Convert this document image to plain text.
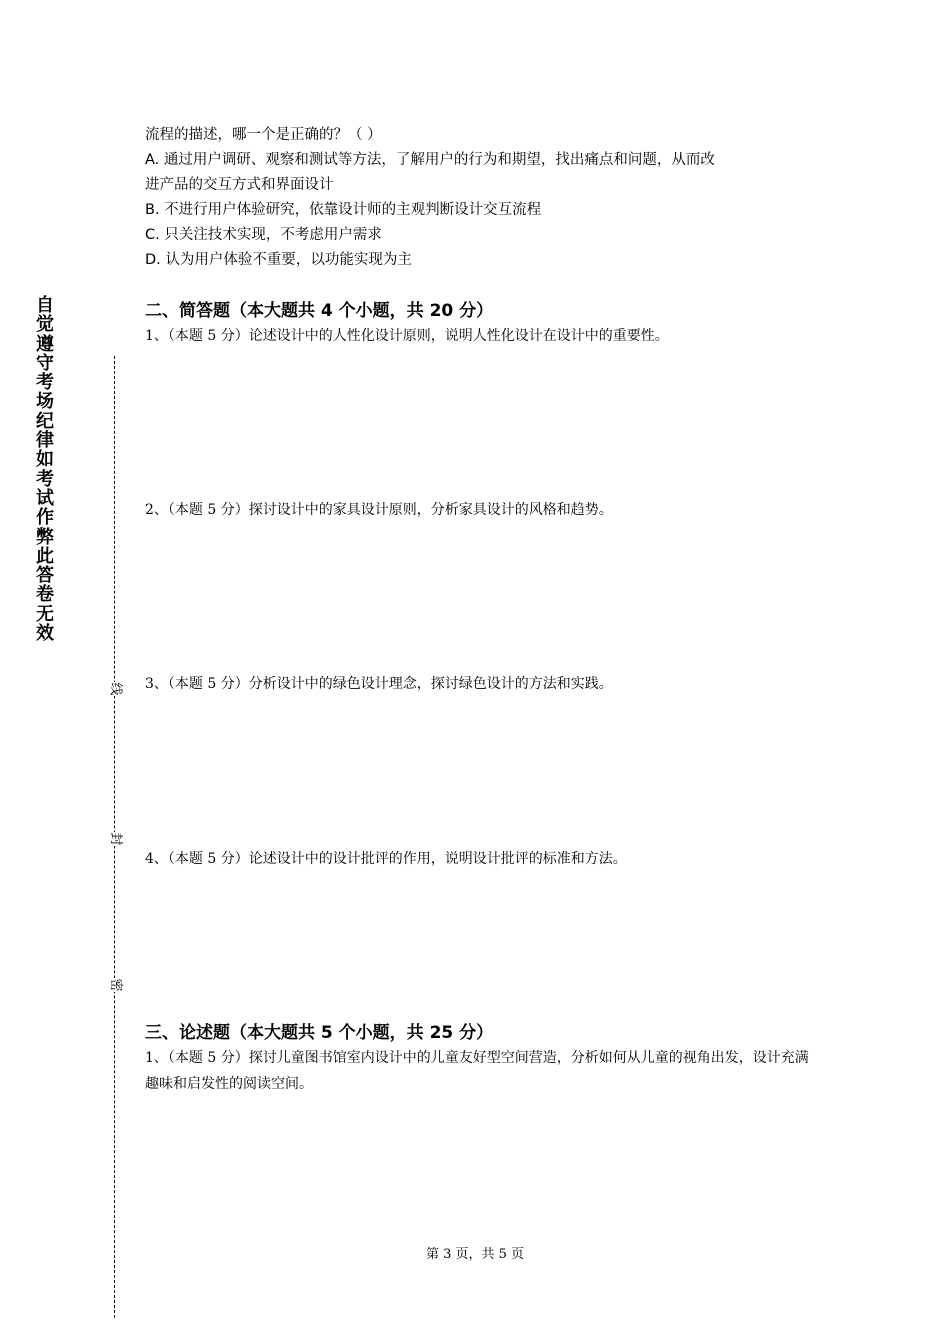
自觉遵守考场纪律如考试作弊此答卷无效
线
封
密
流程的描述，哪一个是正确的？（ ）
A. 通过用户调研、观察和测试等方法，了解用户的行为和期望，找出痛点和问题，从而改
进产品的交互方式和界面设计
B. 不进行用户体验研究，依靠设计师的主观判断设计交互流程
C. 只关注技术实现，不考虑用户需求
D. 认为用户体验不重要，以功能实现为主
二、简答题（本大题共 4 个小题，共 20 分）
1、（本题 5 分）论述设计中的人性化设计原则，说明人性化设计在设计中的重要性。
2、（本题 5 分）探讨设计中的家具设计原则，分析家具设计的风格和趋势。
3、（本题 5 分）分析设计中的绿色设计理念，探讨绿色设计的方法和实践。
4、（本题 5 分）论述设计中的设计批评的作用，说明设计批评的标准和方法。
三、论述题（本大题共 5 个小题，共 25 分）
1、（本题 5 分）探讨儿童图书馆室内设计中的儿童友好型空间营造，分析如何从儿童的视角出发，设计充满趣味和启发性的阅读空间。
第 3 页，共 5 页
